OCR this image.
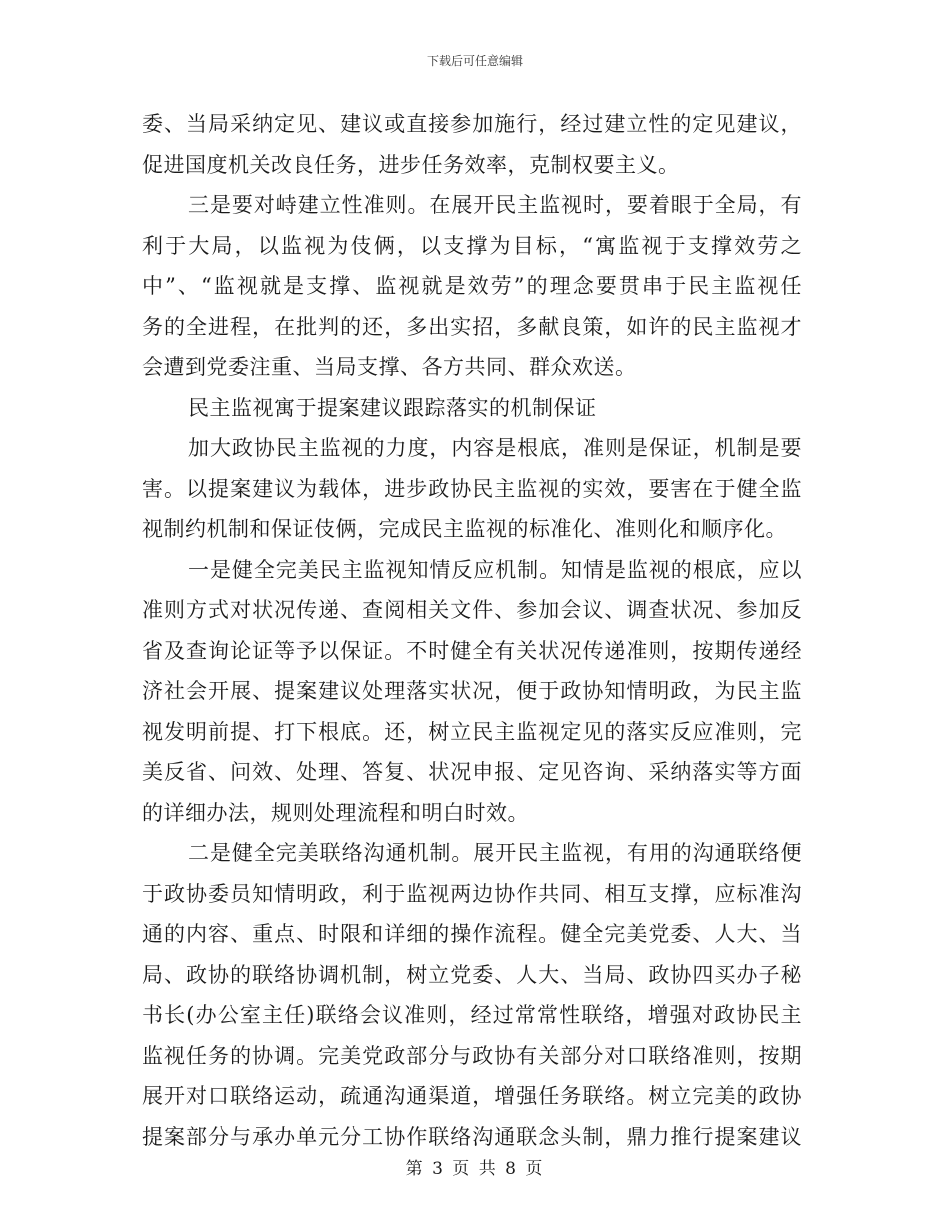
下载后可任意编辑
委、当局采纳定见、建议或直接参加施行，经过建立性的定见建议，
促进国度机关改良任务，进步任务效率，克制权要主义。
三是要对峙建立性准则。在展开民主监视时，要着眼于全局，有
利于大局，以监视为伎俩，以支撑为目标，“寓监视于支撑效劳之
中”、“监视就是支撑、监视就是效劳”的理念要贯串于民主监视任
务的全进程，在批判的还，多出实招，多献良策，如许的民主监视才
会遭到党委注重、当局支撑、各方共同、群众欢送。
民主监视寓于提案建议跟踪落实的机制保证
加大政协民主监视的力度，内容是根底，准则是保证，机制是要
害。以提案建议为载体，进步政协民主监视的实效，要害在于健全监
视制约机制和保证伎俩，完成民主监视的标准化、准则化和顺序化。
一是健全完美民主监视知情反应机制。知情是监视的根底，应以
准则方式对状况传递、查阅相关文件、参加会议、调查状况、参加反
省及查询论证等予以保证。不时健全有关状况传递准则，按期传递经
济社会开展、提案建议处理落实状况，便于政协知情明政，为民主监
视发明前提、打下根底。还，树立民主监视定见的落实反应准则，完
美反省、问效、处理、答复、状况申报、定见咨询、采纳落实等方面
的详细办法，规则处理流程和明白时效。
二是健全完美联络沟通机制。展开民主监视，有用的沟通联络便
于政协委员知情明政，利于监视两边协作共同、相互支撑，应标准沟
通的内容、重点、时限和详细的操作流程。健全完美党委、人大、当
局、政协的联络协调机制，树立党委、人大、当局、政协四买办子秘
书长(办公室主任)联络会议准则，经过常常性联络，增强对政协民主
监视任务的协调。完美党政部分与政协有关部分对口联络准则，按期
展开对口联络运动，疏通沟通渠道，增强任务联络。树立完美的政协
提案部分与承办单元分工协作联络沟通联念头制，鼎力推行提案建议
第 3 页 共 8 页
